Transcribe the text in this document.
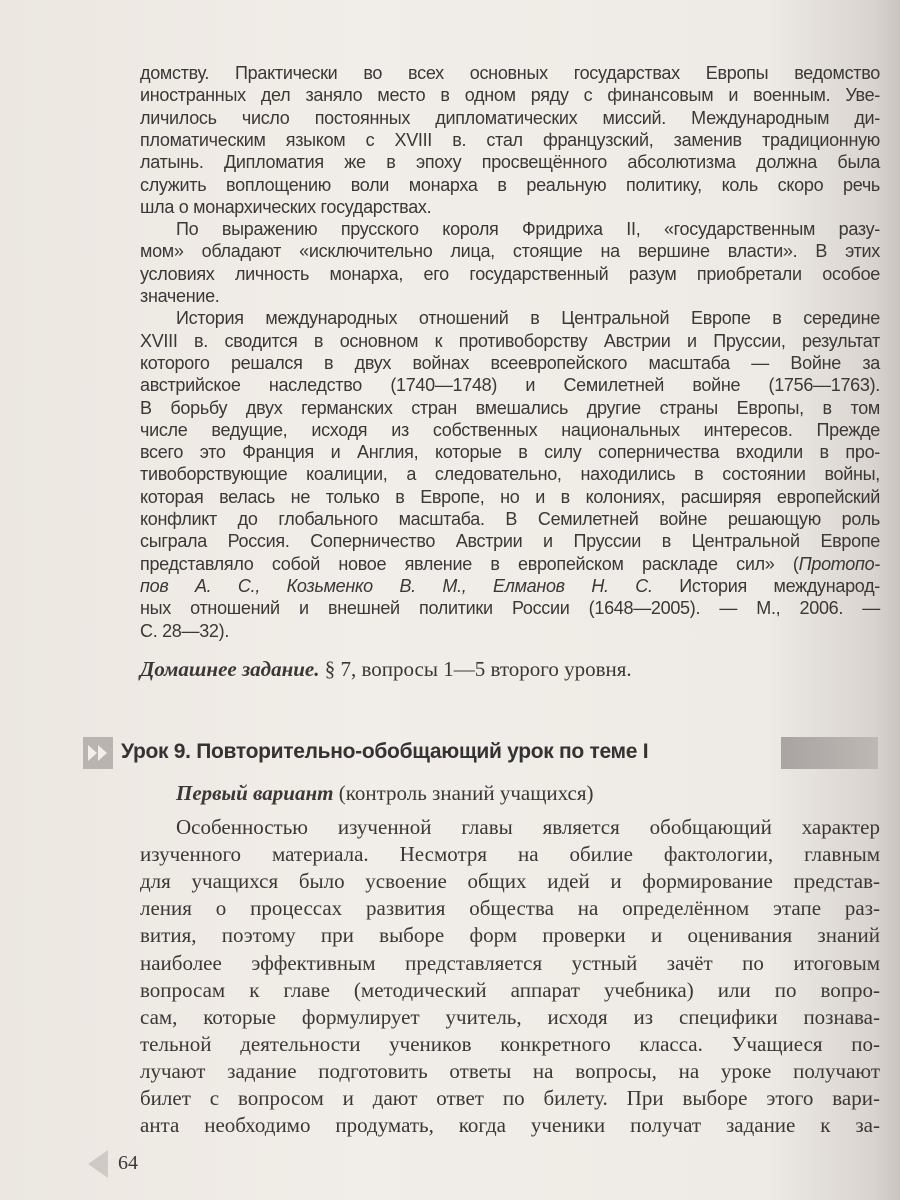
домству. Практически во всех основных государствах Европы ведомство
иностранных дел заняло место в одном ряду с финансовым и военным. Уве-
личилось число постоянных дипломатических миссий. Международным ди-
пломатическим языком с XVIII в. стал французский, заменив традиционную
латынь. Дипломатия же в эпоху просвещённого абсолютизма должна была
служить воплощению воли монарха в реальную политику, коль скоро речь
шла о монархических государствах.
По выражению прусского короля Фридриха II, «государственным разу-
мом» обладают «исключительно лица, стоящие на вершине власти». В этих
условиях личность монарха, его государственный разум приобретали особое
значение.
История международных отношений в Центральной Европе в середине
XVIII в. сводится в основном к противоборству Австрии и Пруссии, результат
которого решался в двух войнах всеевропейского масштаба — Войне за
австрийское наследство (1740—1748) и Семилетней войне (1756—1763).
В борьбу двух германских стран вмешались другие страны Европы, в том
числе ведущие, исходя из собственных национальных интересов. Прежде
всего это Франция и Англия, которые в силу соперничества входили в про-
тивоборствующие коалиции, а следовательно, находились в состоянии войны,
которая велась не только в Европе, но и в колониях, расширяя европейский
конфликт до глобального масштаба. В Семилетней войне решающую роль
сыграла Россия. Соперничество Австрии и Пруссии в Центральной Европе
представляло собой новое явление в европейском раскладе сил» (Протопо-
пов А. С., Козьменко В. М., Елманов Н. С. История международ-
ных отношений и внешней политики России (1648—2005). — М., 2006. —
С. 28—32).
Домашнее задание. § 7, вопросы 1—5 второго уровня.
Урок 9. Повторительно-обобщающий урок по теме I
Первый вариант (контроль знаний учащихся)
Особенностью изученной главы является обобщающий характер
изученного материала. Несмотря на обилие фактологии, главным
для учащихся было усвоение общих идей и формирование представ-
ления о процессах развития общества на определённом этапе раз-
вития, поэтому при выборе форм проверки и оценивания знаний
наиболее эффективным представляется устный зачёт по итоговым
вопросам к главе (методический аппарат учебника) или по вопро-
сам, которые формулирует учитель, исходя из специфики познава-
тельной деятельности учеников конкретного класса. Учащиеся по-
лучают задание подготовить ответы на вопросы, на уроке получают
билет с вопросом и дают ответ по билету. При выборе этого вари-
анта необходимо продумать, когда ученики получат задание к за-
64
